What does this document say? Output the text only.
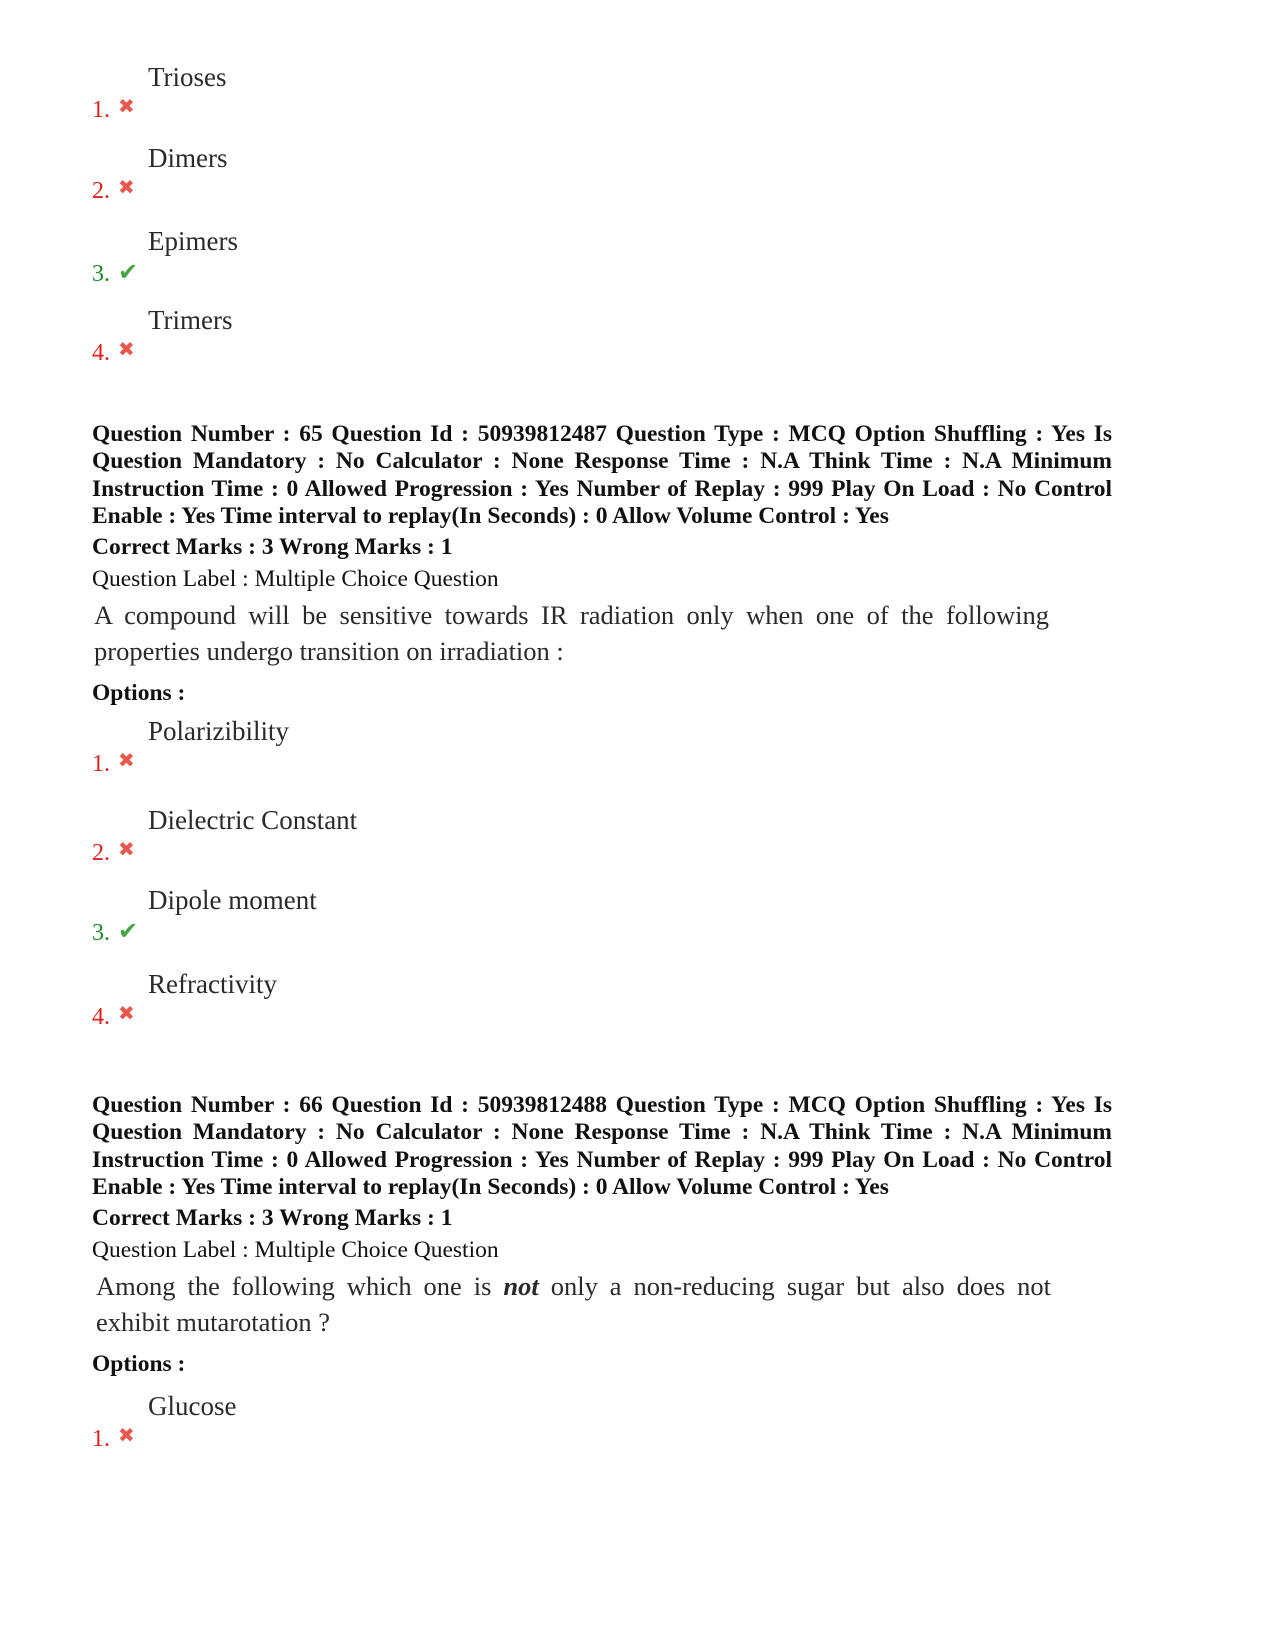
1. ✖
Trioses
2. ✖
Dimers
3. ✔
Epimers
4. ✖
Trimers
Question Number : 65 Question Id : 50939812487 Question Type : MCQ Option Shuffling : Yes Is Question Mandatory : No Calculator : None Response Time : N.A Think Time : N.A Minimum Instruction Time : 0 Allowed Progression : Yes Number of Replay : 999 Play On Load : No Control Enable : Yes Time interval to replay(In Seconds) : 0 Allow Volume Control : Yes
Correct Marks : 3 Wrong Marks : 1
Question Label : Multiple Choice Question
A compound will be sensitive towards IR radiation only when one of the following properties undergo transition on irradiation :
Options :
1. ✖
Polarizibility
2. ✖
Dielectric Constant
3. ✔
Dipole moment
4. ✖
Refractivity
Question Number : 66 Question Id : 50939812488 Question Type : MCQ Option Shuffling : Yes Is Question Mandatory : No Calculator : None Response Time : N.A Think Time : N.A Minimum Instruction Time : 0 Allowed Progression : Yes Number of Replay : 999 Play On Load : No Control Enable : Yes Time interval to replay(In Seconds) : 0 Allow Volume Control : Yes
Correct Marks : 3 Wrong Marks : 1
Question Label : Multiple Choice Question
Among the following which one is not only a non-reducing sugar but also does not exhibit mutarotation ?
Options :
1. ✖
Glucose
